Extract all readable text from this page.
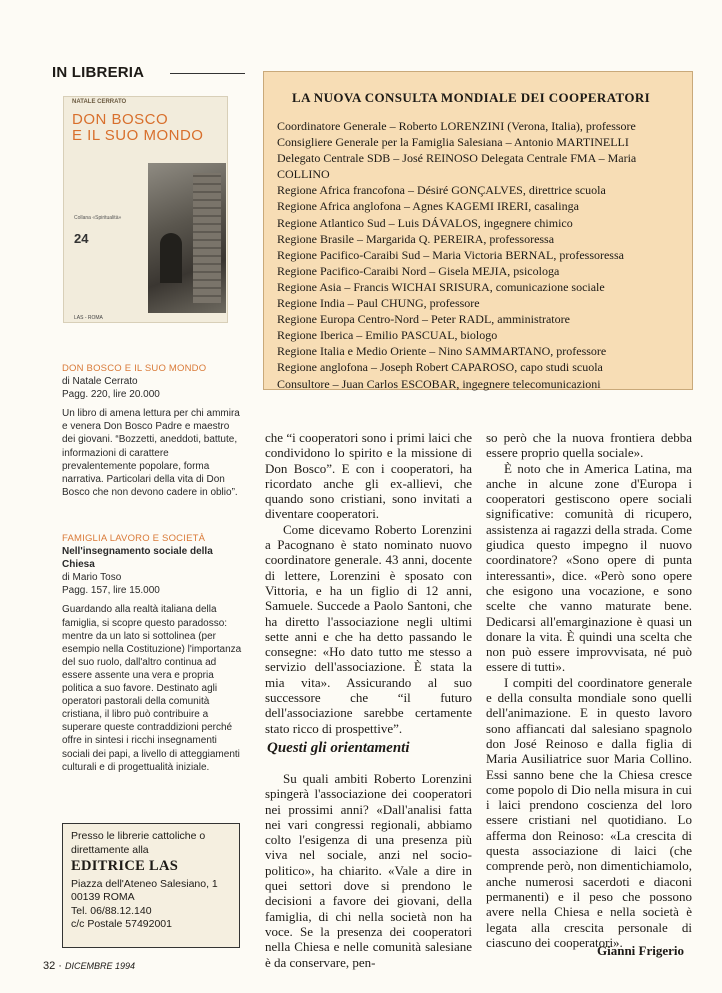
IN LIBRERIA
NATALE CERRATO
DON BOSCO
E IL SUO MONDO
Collana «Spiritualità»
24
LAS - ROMA
DON BOSCO E IL SUO MONDO
di Natale Cerrato
Pagg. 220, lire 20.000
Un libro di amena lettura per chi ammira e venera Don Bosco Padre e maestro dei giovani. “Bozzetti, aneddoti, battute, informazioni di carattere prevalentemente popolare, forma narrativa. Particolari della vita di Don Bosco che non devono cadere in oblio”.
FAMIGLIA LAVORO E SOCIETÀ
Nell'insegnamento sociale della Chiesa
di Mario Toso
Pagg. 157, lire 15.000
Guardando alla realtà italiana della famiglia, si scopre questo paradosso: mentre da un lato si sottolinea (per esempio nella Costituzione) l'importanza del suo ruolo, dall'altro continua ad essere assente una vera e propria politica a suo favore. Destinato agli operatori pastorali della comunità cristiana, il libro può contribuire a superare queste contraddizioni perché offre in sintesi i ricchi insegnamenti sociali dei papi, a livello di atteggiamenti culturali e di progettualità iniziale.
Presso le librerie cattoliche o direttamente alla
EDITRICE LAS
Piazza dell'Ateneo Salesiano, 1
00139 ROMA
Tel. 06/88.12.140
c/c Postale 57492001
32 · DICEMBRE 1994
LA NUOVA CONSULTA MONDIALE DEI COOPERATORI
Coordinatore Generale – Roberto LORENZINI (Verona, Italia), professore
Consigliere Generale per la Famiglia Salesiana – Antonio MARTINELLI
Delegato Centrale SDB – José REINOSO Delegata Centrale FMA – Maria COLLINO
Regione Africa francofona – Désiré GONÇALVES, direttrice scuola
Regione Africa anglofona – Agnes KAGEMI IRERI, casalinga
Regione Atlantico Sud – Luis DÁVALOS, ingegnere chimico
Regione Brasile – Margarida Q. PEREIRA, professoressa
Regione Pacifico-Caraibi Sud – Maria Victoria BERNAL, professoressa
Regione Pacifico-Caraibi Nord – Gisela MEJIA, psicologa
Regione Asia – Francis WICHAI SRISURA, comunicazione sociale
Regione India – Paul CHUNG, professore
Regione Europa Centro-Nord – Peter RADL, amministratore
Regione Iberica – Emilio PASCUAL, biologo
Regione Italia e Medio Oriente – Nino SAMMARTANO, professore
Regione anglofona – Joseph Robert CAPAROSO, capo studi scuola
Consultore – Juan Carlos ESCOBAR, ingegnere telecomunicazioni

che “i cooperatori sono i primi laici che condividono lo spirito e la missione di Don Bosco”. E con i cooperatori, ha ricordato anche gli ex-allievi, che quando sono cristiani, sono invitati a diventare cooperatori.

Come dicevamo Roberto Lorenzini a Pacognano è stato nominato nuovo coordinatore generale. 43 anni, docente di lettere, Lorenzini è sposato con Vittoria, e ha un figlio di 12 anni, Samuele. Succede a Paolo Santoni, che ha diretto l'associazione negli ultimi sette anni e che ha detto passando le consegne: «Ho dato tutto me stesso a servizio dell'associazione. È stata la mia vita». Assicurando al suo successore che “il futuro dell'associazione sarebbe certamente stato ricco di prospettive”.

Questi gli orientamenti

Su quali ambiti Roberto Lorenzini spingerà l'associazione dei cooperatori nei prossimi anni? «Dall'analisi fatta nei vari congressi regionali, abbiamo colto l'esigenza di una presenza più viva nel sociale, anzi nel socio-politico», ha chiarito. «Vale a dire in quei settori dove si prendono le decisioni a favore dei giovani, della famiglia, di chi nella società non ha voce. Se la presenza dei cooperatori nella Chiesa e nelle comunità salesiane è da conservare, pen-

so però che la nuova frontiera debba essere proprio quella sociale».

È noto che in America Latina, ma anche in alcune zone d'Europa i cooperatori gestiscono opere sociali significative: comunità di ricupero, assistenza ai ragazzi della strada. Come giudica questo impegno il nuovo coordinatore? «Sono opere di punta interessanti», dice. «Però sono opere che esigono una vocazione, e sono scelte che vanno maturate bene. Dedicarsi all'emarginazione è quasi un donare la vita. È quindi una scelta che non può essere improvvisata, né può essere di tutti».

I compiti del coordinatore generale e della consulta mondiale sono quelli dell'animazione. E in questo lavoro sono affiancati dal salesiano spagnolo don José Reinoso e dalla figlia di Maria Ausiliatrice suor Maria Collino. Essi sanno bene che la Chiesa cresce come popolo di Dio nella misura in cui i laici prendono coscienza del loro essere cristiani nel quotidiano. Lo afferma don Reinoso: «La crescita di questa associazione di laici (che comprende però, non dimentichiamolo, anche numerosi sacerdoti e diaconi permanenti) e il peso che possono avere nella Chiesa e nella società è legata alla crescita personale di ciascuno dei cooperatori».

Gianni Frigerio
